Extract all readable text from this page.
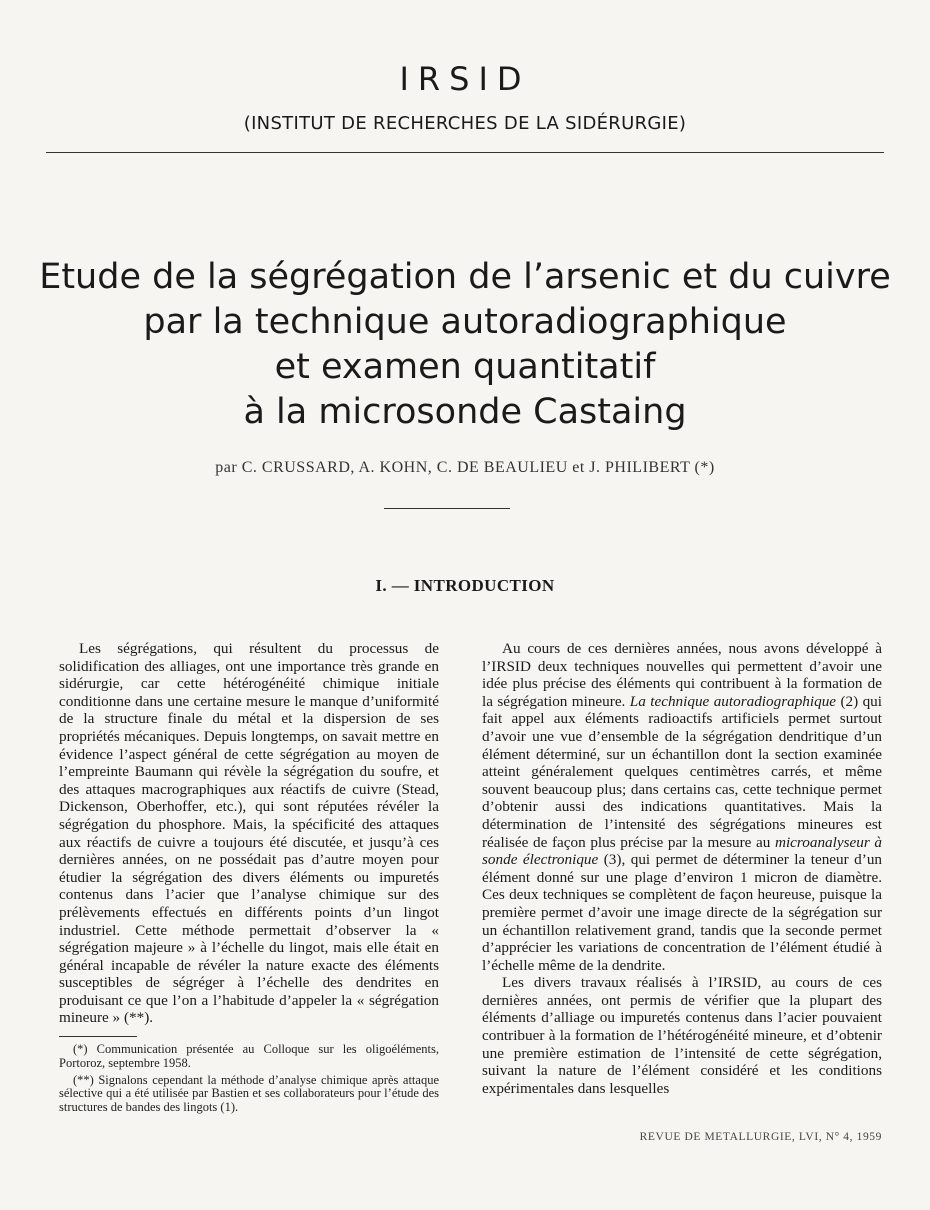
IRSID
(INSTITUT DE RECHERCHES DE LA SIDÉRURGIE)
Etude de la ségrégation de l’arsenic et du cuivre
par la technique autoradiographique
et examen quantitatif
à la microsonde Castaing
par C. CRUSSARD, A. KOHN, C. DE BEAULIEU et J. PHILIBERT (*)
I. — INTRODUCTION

Les ségrégations, qui résultent du processus de solidification des alliages, ont une importance très grande en sidérurgie, car cette hétérogénéité chimique initiale conditionne dans une certaine mesure le manque d’uniformité de la structure finale du métal et la dispersion de ses propriétés mécaniques. Depuis longtemps, on savait mettre en évidence l’aspect général de cette ségrégation au moyen de l’empreinte Baumann qui révèle la ségrégation du soufre, et des attaques macrographiques aux réactifs de cuivre (Stead, Dickenson, Oberhoffer, etc.), qui sont réputées révéler la ségrégation du phosphore. Mais, la spécificité des attaques aux réactifs de cuivre a toujours été discutée, et jusqu’à ces dernières années, on ne possédait pas d’autre moyen pour étudier la ségrégation des divers éléments ou impuretés contenus dans l’acier que l’analyse chimique sur des prélèvements effectués en différents points d’un lingot industriel. Cette méthode permettait d’observer la « ségrégation majeure » à l’échelle du lingot, mais elle était en général incapable de révéler la nature exacte des éléments susceptibles de ségréger à l’échelle des dendrites en produisant ce que l’on a l’habitude d’appeler la « ségrégation mineure » (**).

Au cours de ces dernières années, nous avons développé à l’IRSID deux techniques nouvelles qui permettent d’avoir une idée plus précise des éléments qui contribuent à la formation de la ségrégation mineure. La technique autoradiographique (2) qui fait appel aux éléments radioactifs artificiels permet surtout d’avoir une vue d’ensemble de la ségrégation dendritique d’un élément déterminé, sur un échantillon dont la section examinée atteint généralement quelques centimètres carrés, et même souvent beaucoup plus; dans certains cas, cette technique permet d’obtenir aussi des indications quantitatives. Mais la détermination de l’intensité des ségrégations mineures est réalisée de façon plus précise par la mesure au microanalyseur à sonde électronique (3), qui permet de déterminer la teneur d’un élément donné sur une plage d’environ 1 micron de diamètre. Ces deux techniques se complètent de façon heureuse, puisque la première permet d’avoir une image directe de la ségrégation sur un échantillon relativement grand, tandis que la seconde permet d’apprécier les variations de concentration de l’élément étudié à l’échelle même de la dendrite.

Les divers travaux réalisés à l’IRSID, au cours de ces dernières années, ont permis de vérifier que la plupart des éléments d’alliage ou impuretés contenus dans l’acier pouvaient contribuer à la formation de l’hétérogénéité mineure, et d’obtenir une première estimation de l’intensité de cette ségrégation, suivant la nature de l’élément considéré et les conditions expérimentales dans lesquelles

(*) Communication présentée au Colloque sur les oligoéléments, Portoroz, septembre 1958.

(**) Signalons cependant la méthode d’analyse chimique après attaque sélective qui a été utilisée par Bastien et ses collaborateurs pour l’étude des structures de bandes des lingots (1).

REVUE DE METALLURGIE, LVI, N° 4, 1959
